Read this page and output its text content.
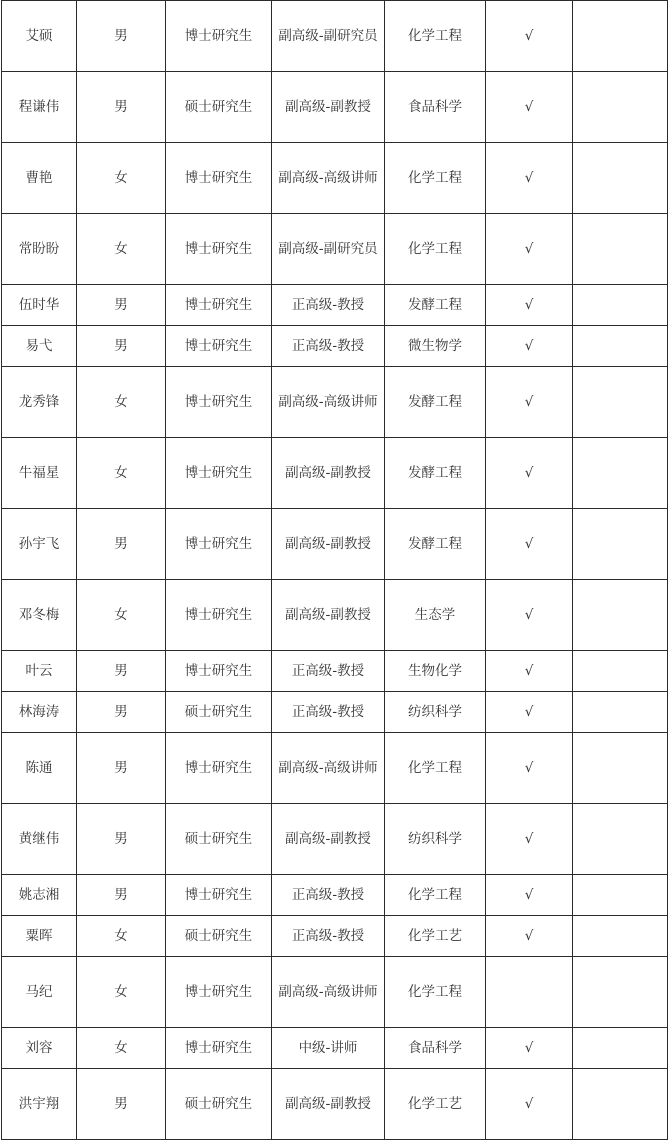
艾硕	男	博士研究生	副高级-副研究员	化学工程	√	
程谦伟	男	硕士研究生	副高级-副教授	食品科学	√	
曹艳	女	博士研究生	副高级-高级讲师	化学工程	√	
常盼盼	女	博士研究生	副高级-副研究员	化学工程	√	
伍时华	男	博士研究生	正高级-教授	发酵工程	√	
易弋	男	博士研究生	正高级-教授	微生物学	√	
龙秀锋	女	博士研究生	副高级-高级讲师	发酵工程	√	
牛福星	女	博士研究生	副高级-副教授	发酵工程	√	
孙宇飞	男	博士研究生	副高级-副教授	发酵工程	√	
邓冬梅	女	博士研究生	副高级-副教授	生态学	√	
叶云	男	博士研究生	正高级-教授	生物化学	√	
林海涛	男	硕士研究生	正高级-教授	纺织科学	√	
陈通	男	博士研究生	副高级-高级讲师	化学工程	√	
黄继伟	男	硕士研究生	副高级-副教授	纺织科学	√	
姚志湘	男	博士研究生	正高级-教授	化学工程	√	
粟晖	女	硕士研究生	正高级-教授	化学工艺	√	
马纪	女	博士研究生	副高级-高级讲师	化学工程		
刘容	女	博士研究生	中级-讲师	食品科学	√	
洪宇翔	男	硕士研究生	副高级-副教授	化学工艺	√	
